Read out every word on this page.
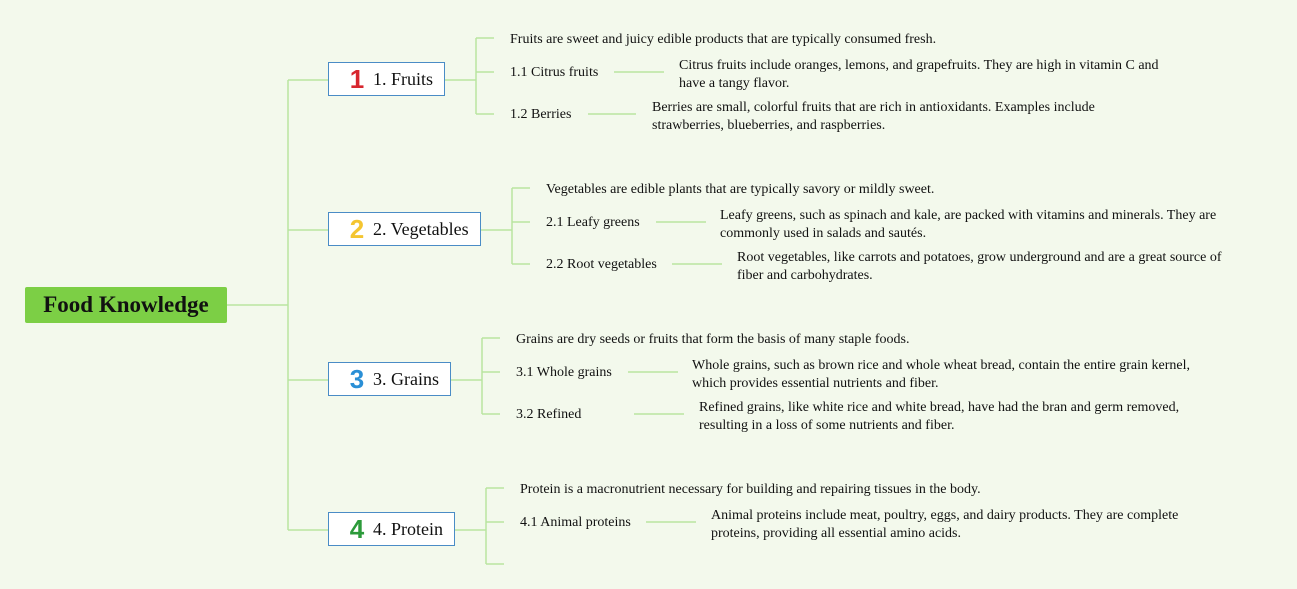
Food Knowledge
1 1. Fruits
Fruits are sweet and juicy edible products that are typically consumed fresh.
1.1 Citrus fruits	Citrus fruits include oranges, lemons, and grapefruits. They are high in vitamin C and have a tangy flavor.
1.2 Berries	Berries are small, colorful fruits that are rich in antioxidants. Examples include strawberries, blueberries, and raspberries.
2 2. Vegetables
Vegetables are edible plants that are typically savory or mildly sweet.
2.1 Leafy greens	Leafy greens, such as spinach and kale, are packed with vitamins and minerals. They are commonly used in salads and sautés.
2.2 Root vegetables	Root vegetables, like carrots and potatoes, grow underground and are a great source of fiber and carbohydrates.
3 3. Grains
Grains are dry seeds or fruits that form the basis of many staple foods.
3.1 Whole grains	Whole grains, such as brown rice and whole wheat bread, contain the entire grain kernel, which provides essential nutrients and fiber.
3.2 Refined	Refined grains, like white rice and white bread, have had the bran and germ removed, resulting in a loss of some nutrients and fiber.
4 4. Protein
Protein is a macronutrient necessary for building and repairing tissues in the body.
4.1 Animal proteins	Animal proteins include meat, poultry, eggs, and dairy products. They are complete proteins, providing all essential amino acids.
